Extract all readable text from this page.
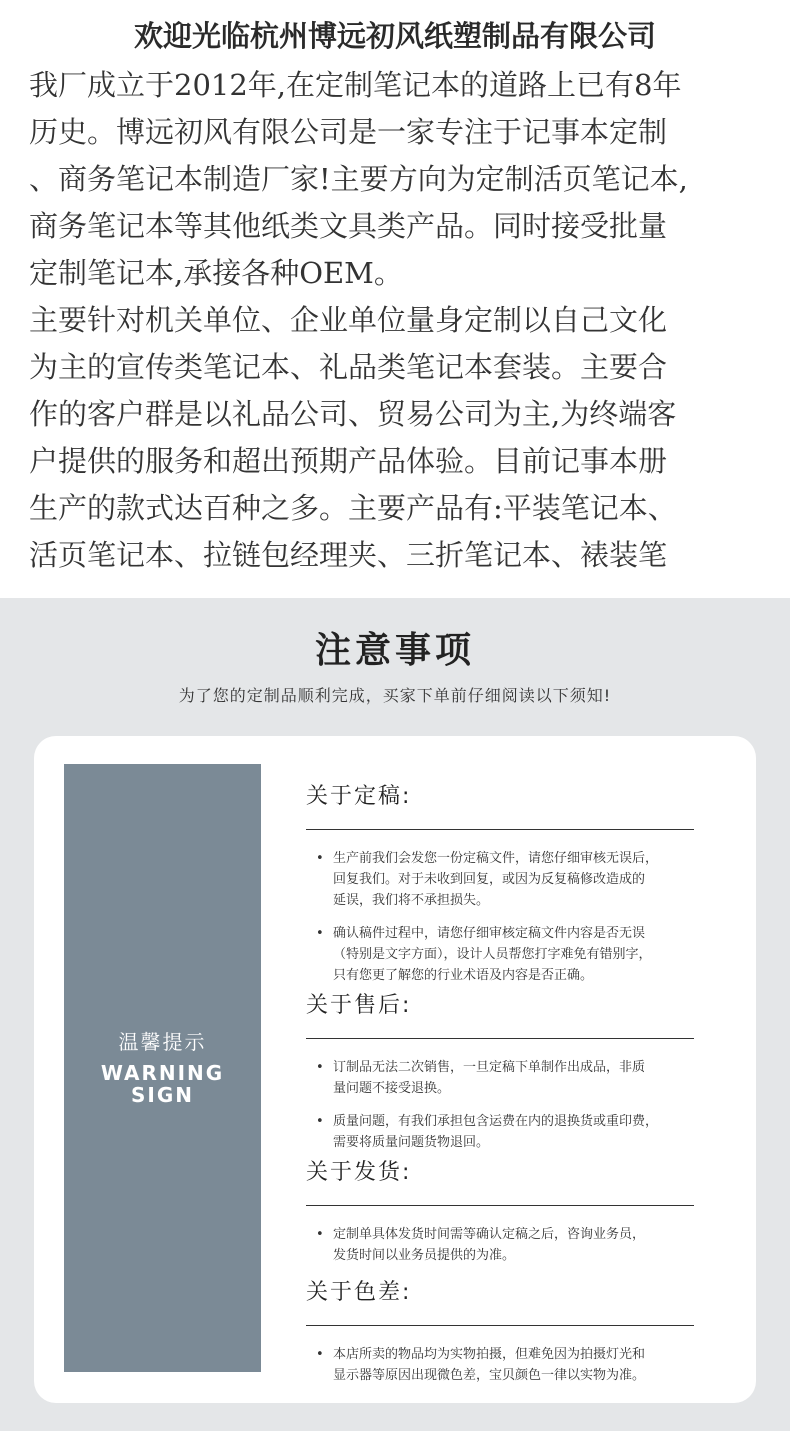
欢迎光临杭州博远初风纸塑制品有限公司
我厂成立于2012年,在定制笔记本的道路上已有8年
历史。博远初风有限公司是一家专注于记事本定制
、商务笔记本制造厂家!主要方向为定制活页笔记本,
商务笔记本等其他纸类文具类产品。同时接受批量
定制笔记本,承接各种OEM。
主要针对机关单位、企业单位量身定制以自己文化
为主的宣传类笔记本、礼品类笔记本套装。主要合
作的客户群是以礼品公司、贸易公司为主,为终端客
户提供的服务和超出预期产品体验。目前记事本册
生产的款式达百种之多。主要产品有:平装笔记本、
活页笔记本、拉链包经理夹、三折笔记本、裱装笔
注意事项
为了您的定制品顺利完成，买家下单前仔细阅读以下须知!
温馨提示
WARNING
SIGN
关于定稿:
• 生产前我们会发您一份定稿文件，请您仔细审核无误后，
回复我们。对于未收到回复，或因为反复稿修改造成的
延误，我们将不承担损失。
• 确认稿件过程中，请您仔细审核定稿文件内容是否无误
（特别是文字方面），设计人员帮您打字难免有错别字，
只有您更了解您的行业术语及内容是否正确。
关于售后:
• 订制品无法二次销售，一旦定稿下单制作出成品，非质
量问题不接受退换。
• 质量问题，有我们承担包含运费在内的退换货或重印费，
需要将质量问题货物退回。
关于发货:
• 定制单具体发货时间需等确认定稿之后，咨询业务员，
发货时间以业务员提供的为准。
关于色差:
• 本店所卖的物品均为实物拍摄，但难免因为拍摄灯光和
显示器等原因出现微色差，宝贝颜色一律以实物为准。
